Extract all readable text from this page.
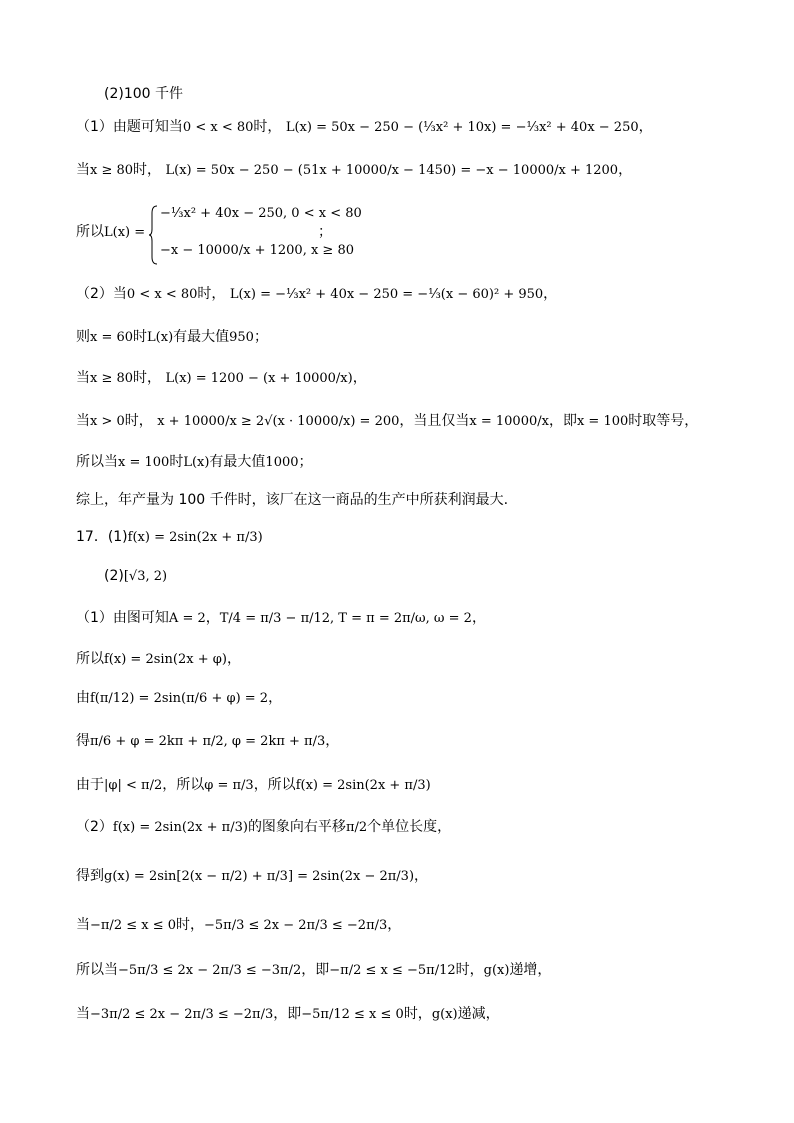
(2)100 千件
（1）由题可知当0 < x < 80时， L(x) = 50x − 250 − (⅓x² + 10x) = −⅓x² + 40x − 250，
当x ≥ 80时， L(x) = 50x − 250 − (51x + 10000/x − 1450) = −x − 10000/x + 1200，
所以L(x) =
−⅓x² + 40x − 250, 0 < x < 80
−x − 10000/x + 1200, x ≥ 80
；
（2）当0 < x < 80时， L(x) = −⅓x² + 40x − 250 = −⅓(x − 60)² + 950，
则x = 60时L(x)有最大值950；
当x ≥ 80时， L(x) = 1200 − (x + 10000/x)，
当x > 0时， x + 10000/x ≥ 2√(x · 10000/x) = 200，当且仅当x = 10000/x，即x = 100时取等号，
所以当x = 100时L(x)有最大值1000；
综上，年产量为 100 千件时，该厂在这一商品的生产中所获利润最大.
17．(1)f(x) = 2sin(2x + π/3)
(2)[√3, 2)
（1）由图可知A = 2，T/4 = π/3 − π/12, T = π = 2π/ω, ω = 2，
所以f(x) = 2sin(2x + φ)，
由f(π/12) = 2sin(π/6 + φ) = 2，
得π/6 + φ = 2kπ + π/2, φ = 2kπ + π/3，
由于|φ| < π/2，所以φ = π/3，所以f(x) = 2sin(2x + π/3)
（2）f(x) = 2sin(2x + π/3)的图象向右平移π/2个单位长度，
得到g(x) = 2sin[2(x − π/2) + π/3] = 2sin(2x − 2π/3)，
当−π/2 ≤ x ≤ 0时，−5π/3 ≤ 2x − 2π/3 ≤ −2π/3，
所以当−5π/3 ≤ 2x − 2π/3 ≤ −3π/2，即−π/2 ≤ x ≤ −5π/12时，g(x)递增，
当−3π/2 ≤ 2x − 2π/3 ≤ −2π/3，即−5π/12 ≤ x ≤ 0时，g(x)递减，
